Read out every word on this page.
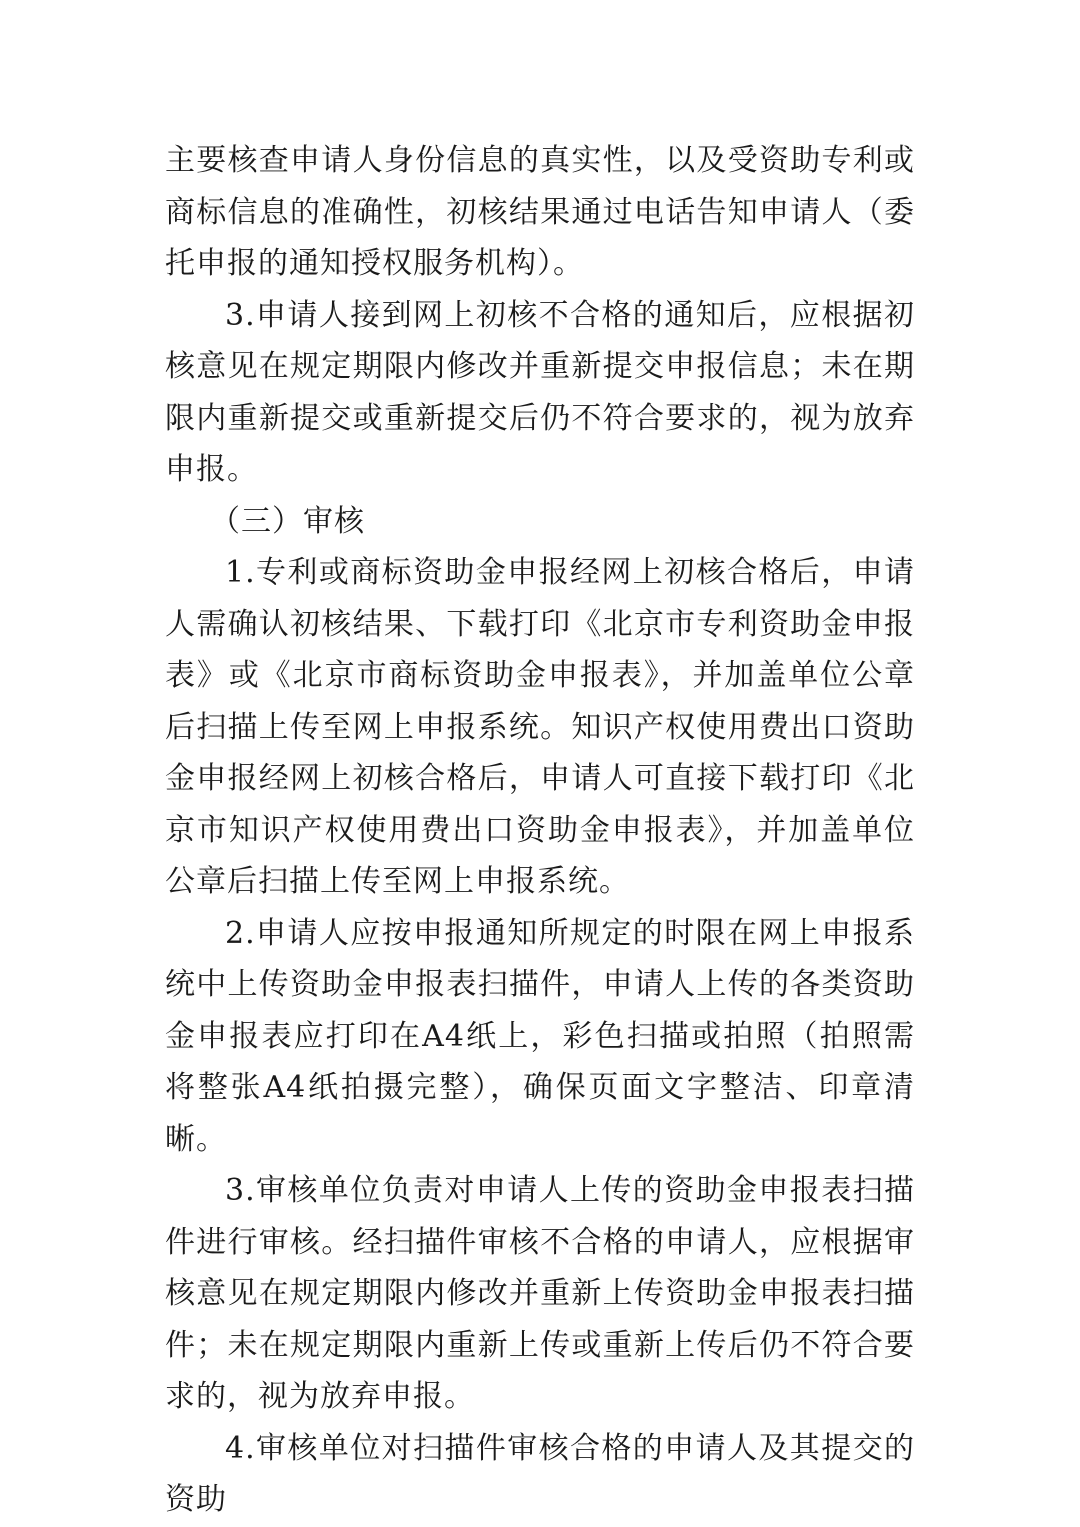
主要核查申请人身份信息的真实性，以及受资助专利或商标信息的准确性，初核结果通过电话告知申请人（委托申报的通知授权服务机构）。

3.申请人接到网上初核不合格的通知后，应根据初核意见在规定期限内修改并重新提交申报信息；未在期限内重新提交或重新提交后仍不符合要求的，视为放弃申报。

（三）审核

1.专利或商标资助金申报经网上初核合格后，申请人需确认初核结果、下载打印《北京市专利资助金申报表》或《北京市商标资助金申报表》，并加盖单位公章后扫描上传至网上申报系统。知识产权使用费出口资助金申报经网上初核合格后，申请人可直接下载打印《北京市知识产权使用费出口资助金申报表》，并加盖单位公章后扫描上传至网上申报系统。

2.申请人应按申报通知所规定的时限在网上申报系统中上传资助金申报表扫描件，申请人上传的各类资助金申报表应打印在A4纸上，彩色扫描或拍照（拍照需将整张A4纸拍摄完整），确保页面文字整洁、印章清晰。

3.审核单位负责对申请人上传的资助金申报表扫描件进行审核。经扫描件审核不合格的申请人，应根据审核意见在规定期限内修改并重新上传资助金申报表扫描件；未在规定期限内重新上传或重新上传后仍不符合要求的，视为放弃申报。

4.审核单位对扫描件审核合格的申请人及其提交的资助
